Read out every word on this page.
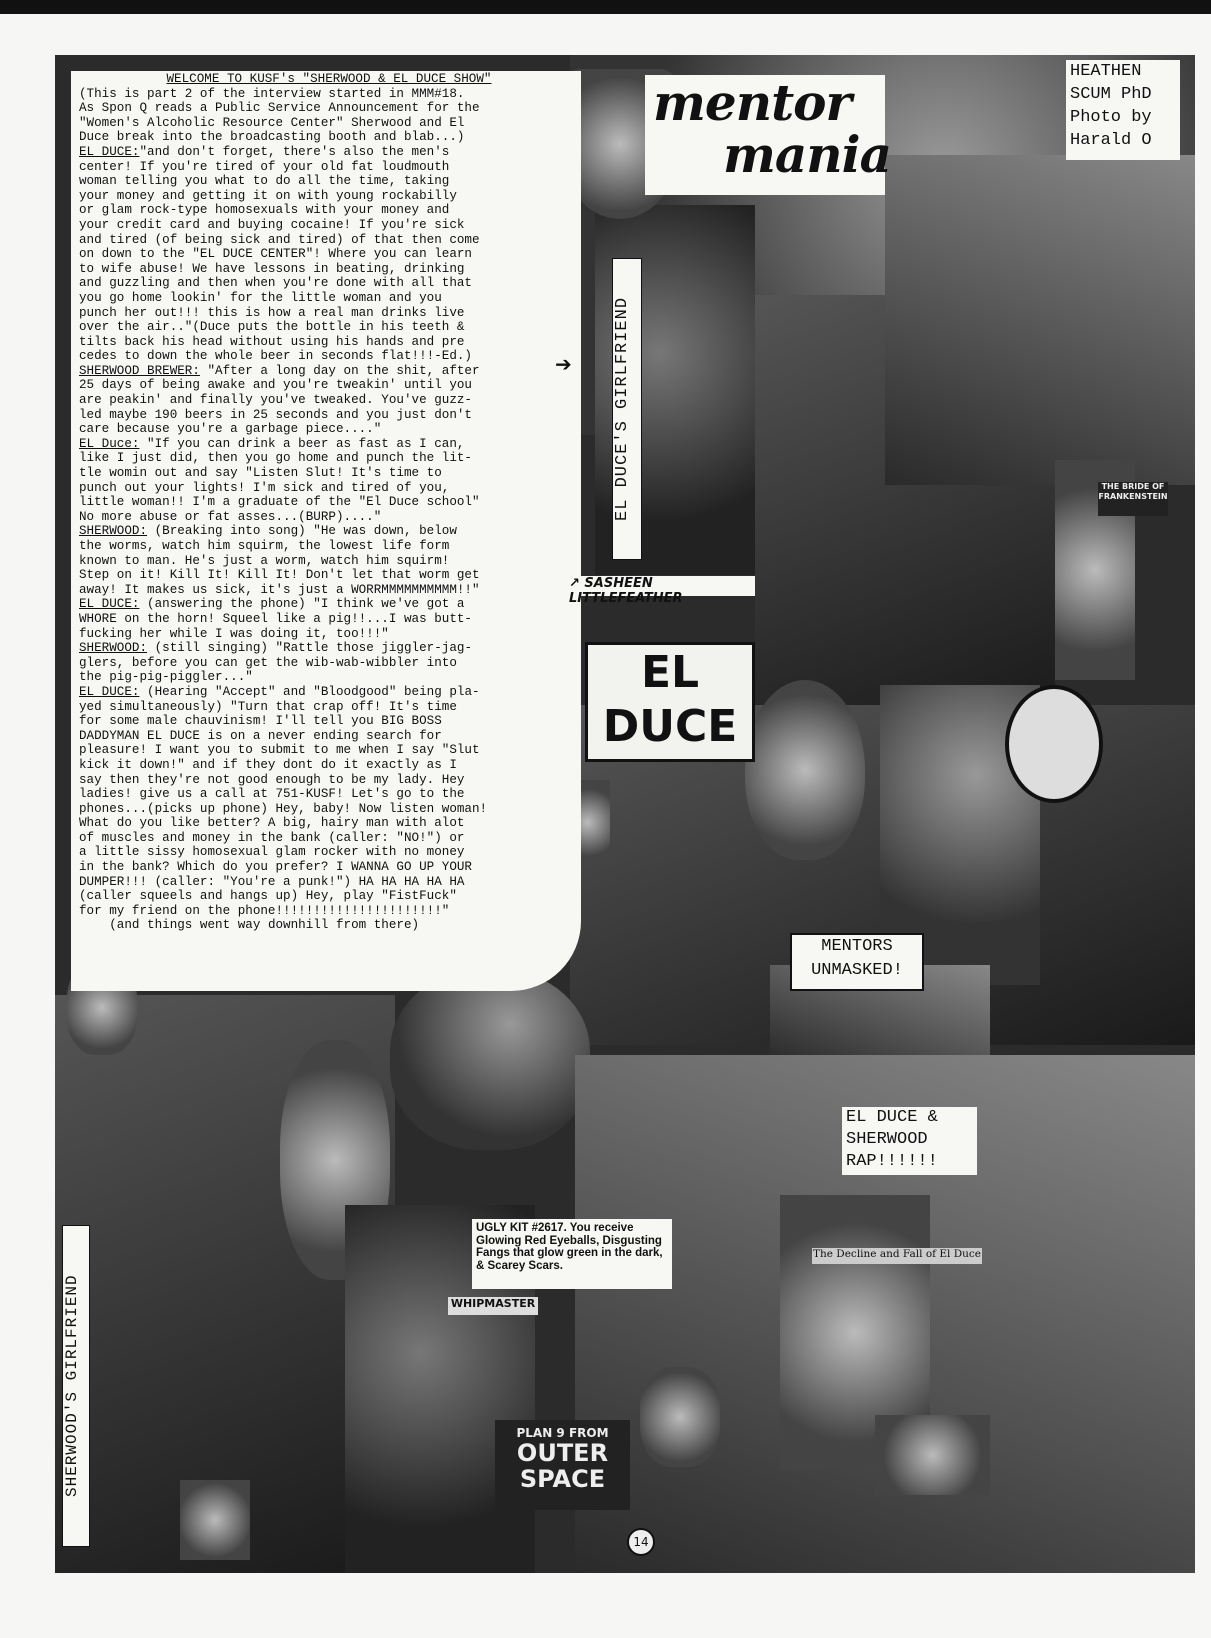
WELCOME TO KUSF's "SHERWOOD & EL DUCE SHOW"
(This is part 2 of the interview started in MMM#18.
As Spon Q reads a Public Service Announcement for the
"Women's Alcoholic Resource Center" Sherwood and El
Duce break into the broadcasting booth and blab...)
EL DUCE:"and don't forget, there's also the men's
center! If you're tired of your old fat loudmouth
woman telling you what to do all the time, taking
your money and getting it on with young rockabilly
or glam rock-type homosexuals with your money and
your credit card and buying cocaine! If you're sick
and tired (of being sick and tired) of that then come
on down to the "EL DUCE CENTER"! Where you can learn
to wife abuse! We have lessons in beating, drinking
and guzzling and then when you're done with all that
you go home lookin' for the little woman and you
punch her out!!! this is how a real man drinks live
over the air.."(Duce puts the bottle in his teeth &
tilts back his head without using his hands and pre
cedes to down the whole beer in seconds flat!!!-Ed.)
SHERWOOD BREWER: "After a long day on the shit, after
25 days of being awake and you're tweakin' until you
are peakin' and finally you've tweaked. You've guzz-
led maybe 190 beers in 25 seconds and you just don't
care because you're a garbage piece...."
EL Duce: "If you can drink a beer as fast as I can,
like I just did, then you go home and punch the lit-
tle womin out and say "Listen Slut! It's time to
punch out your lights! I'm sick and tired of you,
little woman!! I'm a graduate of the "El Duce school"
No more abuse or fat asses...(BURP)...."
SHERWOOD: (Breaking into song) "He was down, below
the worms, watch him squirm, the lowest life form
known to man. He's just a worm, watch him squirm!
Step on it! Kill It! Kill It! Don't let that worm get
away! It makes us sick, it's just a WORRMMMMMMMMMM!!"
EL DUCE: (answering the phone) "I think we've got a
WHORE on the horn! Squeel like a pig!!...I was butt-
fucking her while I was doing it, too!!!"
SHERWOOD: (still singing) "Rattle those jiggler-jag-
glers, before you can get the wib-wab-wibbler into
the pig-pig-piggler..."
EL DUCE: (Hearing "Accept" and "Bloodgood" being pla-
yed simultaneously) "Turn that crap off! It's time
for some male chauvinism! I'll tell you BIG BOSS
DADDYMAN EL DUCE is on a never ending search for
pleasure! I want you to submit to me when I say "Slut
kick it down!" and if they dont do it exactly as I
say then they're not good enough to be my lady. Hey
ladies! give us a call at 751-KUSF! Let's go to the
phones...(picks up phone) Hey, baby! Now listen woman!
What do you like better? A big, hairy man with alot
of muscles and money in the bank (caller: "NO!") or
a little sissy homosexual glam rocker with no money
in the bank? Which do you prefer? I WANNA GO UP YOUR
DUMPER!!! (caller: "You're a punk!") HA HA HA HA HA
(caller squeels and hangs up) Hey, play "FistFuck"
for my friend on the phone!!!!!!!!!!!!!!!!!!!!!!"
(and things went way downhill from there)
➔
mentor
mania
HEATHEN
SCUM PhD
Photo by
Harald O
EL DUCE'S GIRLFRIEND
↗ SASHEEN LITTLEFEATHER
EL
DUCE
MENTORS
UNMASKED!
EL DUCE &
SHERWOOD
RAP!!!!!!
SHERWOOD'S GIRLFRIEND
UGLY KIT #2617. You receive Glowing Red Eyeballs, Disgusting Fangs that glow green in the dark, & Scarey Scars.
WHIPMASTER
PLAN 9 FROM
OUTER
SPACE
The Decline and Fall of El Duce
THE BRIDE OF FRANKENSTEIN
14
